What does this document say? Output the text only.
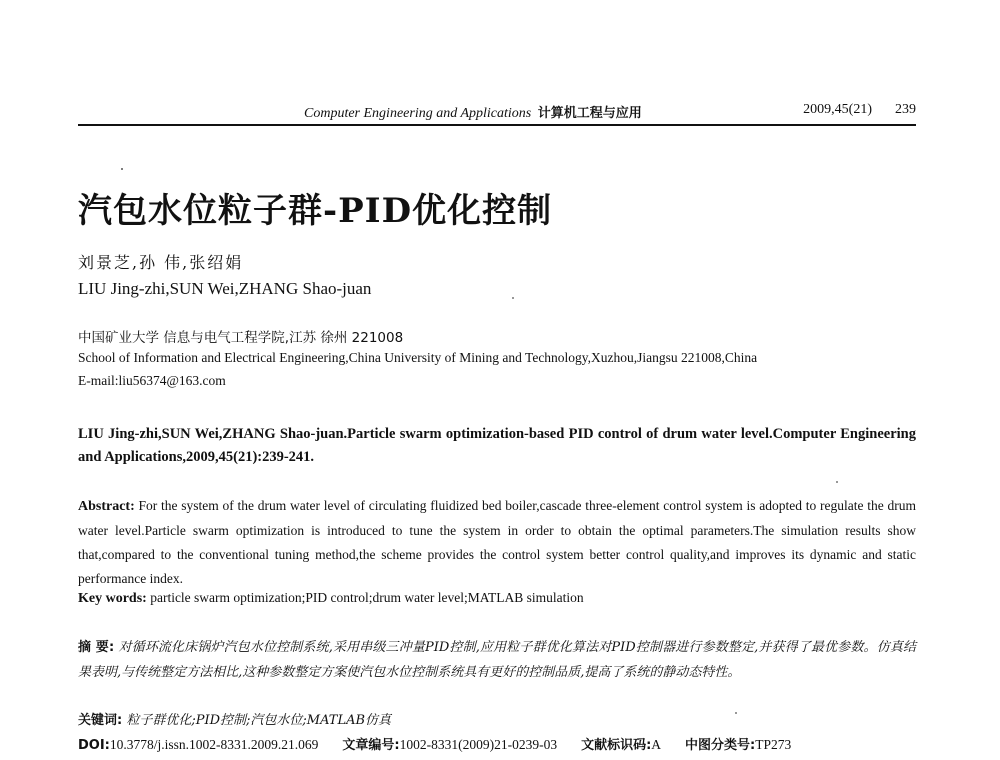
Computer Engineering and Applications 计算机工程与应用	2009,45(21) 239
汽包水位粒子群-PID优化控制
刘景芝,孙 伟,张绍娟
LIU Jing-zhi,SUN Wei,ZHANG Shao-juan
中国矿业大学 信息与电气工程学院,江苏 徐州 221008
School of Information and Electrical Engineering,China University of Mining and Technology,Xuzhou,Jiangsu 221008,China
E-mail:liu56374@163.com
LIU Jing-zhi,SUN Wei,ZHANG Shao-juan.Particle swarm optimization-based PID control of drum water level.Computer Engineering and Applications,2009,45(21):239-241.
Abstract: For the system of the drum water level of circulating fluidized bed boiler,cascade three-element control system is adopted to regulate the drum water level.Particle swarm optimization is introduced to tune the system in order to obtain the optimal parameters.The simulation results show that,compared to the conventional tuning method,the scheme provides the control system better control quality,and improves its dynamic and static performance index.
Key words: particle swarm optimization;PID control;drum water level;MATLAB simulation
摘 要: 对循环流化床锅炉汽包水位控制系统,采用串级三冲量PID控制,应用粒子群优化算法对PID控制器进行参数整定,并获得了最优参数。仿真结果表明,与传统整定方法相比,这种参数整定方案使汽包水位控制系统具有更好的控制品质,提高了系统的静动态特性。
关键词: 粒子群优化;PID控制;汽包水位;MATLAB仿真
DOI:10.3778/j.issn.1002-8331.2009.21.069 文章编号:1002-8331(2009)21-0239-03 文献标识码:A 中图分类号:TP273
